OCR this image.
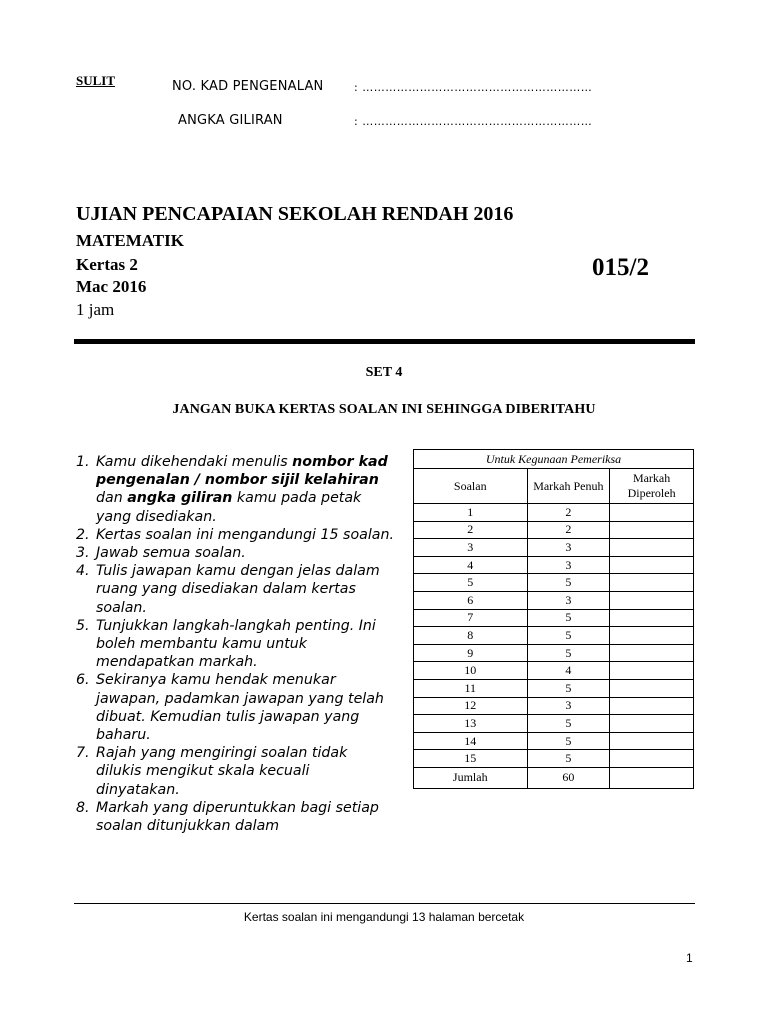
SULIT	NO. KAD PENGENALAN	: ……………………………………………………
ANGKA GILIRAN	: ……………………………………………………
UJIAN PENCAPAIAN SEKOLAH RENDAH 2016
MATEMATIK
Kertas 2
Mac 2016
1 jam
015/2
SET 4
JANGAN BUKA KERTAS SOALAN INI SEHINGGA DIBERITAHU
1. Kamu dikehendaki menulis nombor kad pengenalan / nombor sijil kelahiran dan angka giliran kamu pada petak yang disediakan.
2. Kertas soalan ini mengandungi 15 soalan.
3. Jawab semua soalan.
4. Tulis jawapan kamu dengan jelas dalam ruang yang disediakan dalam kertas soalan.
5. Tunjukkan langkah-langkah penting. Ini boleh membantu kamu untuk mendapatkan markah.
6. Sekiranya kamu hendak menukar jawapan, padamkan jawapan yang telah dibuat. Kemudian tulis jawapan yang baharu.
7. Rajah yang mengiringi soalan tidak dilukis mengikut skala kecuali dinyatakan.
8. Markah yang diperuntukkan bagi setiap soalan ditunjukkan dalam
Untuk Kegunaan Pemeriksa		
Soalan	Markah Penuh	Markah Diperoleh
1	2	
2	2	
3	3	
4	3	
5	5	
6	3	
7	5	
8	5	
9	5	
10	4	
11	5	
12	3	
13	5	
14	5	
15	5	
Jumlah	60	
Kertas soalan ini mengandungi 13 halaman bercetak
1
